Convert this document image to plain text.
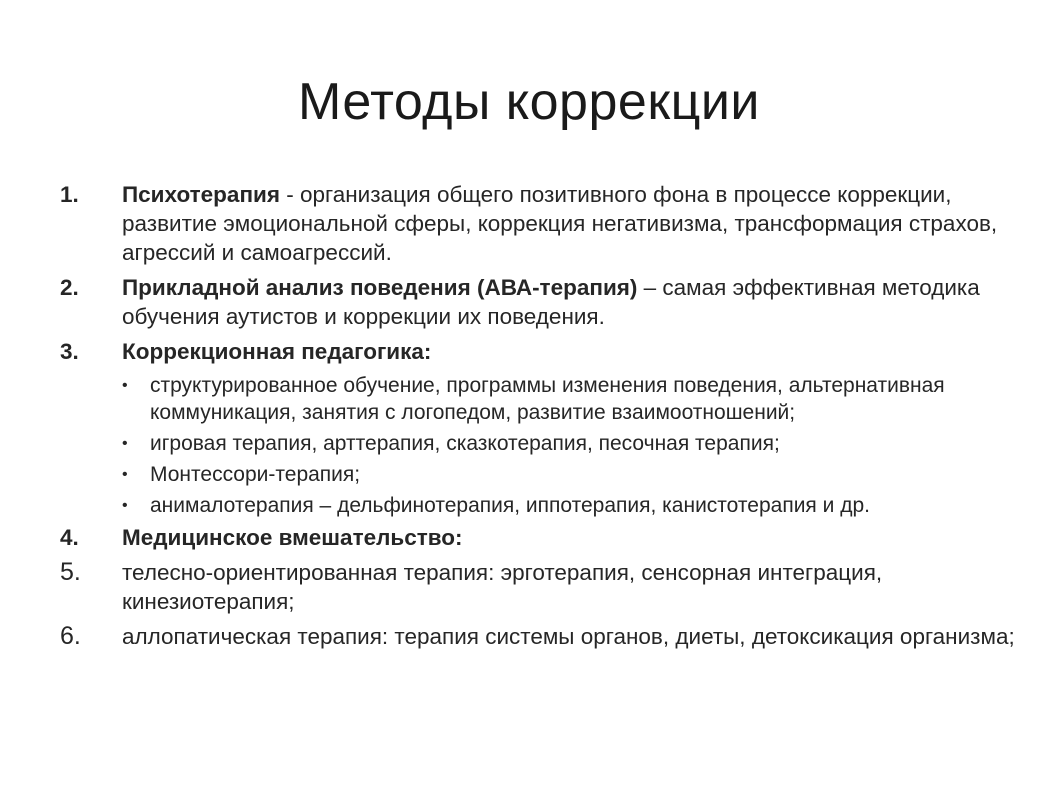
Методы коррекции
1.	Психотерапия - организация общего позитивного фона в процессе коррекции, развитие эмоциональной сферы, коррекция негативизма, трансформация страхов, агрессий и самоагрессий.
2.	Прикладной анализ поведения (АВА-терапия) – самая эффективная методика обучения аутистов и коррекции их поведения.
3.	Коррекционная педагогика:
•	структурированное обучение, программы изменения поведения, альтернативная коммуникация, занятия с логопедом, развитие взаимоотношений;
•	игровая терапия, арттерапия, сказкотерапия, песочная терапия;
•	Монтессори-терапия;
•	анималотерапия – дельфинотерапия, иппотерапия, канистотерапия и др.
4.	Медицинское вмешательство:
5.	телесно-ориентированная терапия: эрготерапия, сенсорная интеграция, кинезиотерапия;
6.	аллопатическая терапия: терапия системы органов, диеты, детоксикация организма;
